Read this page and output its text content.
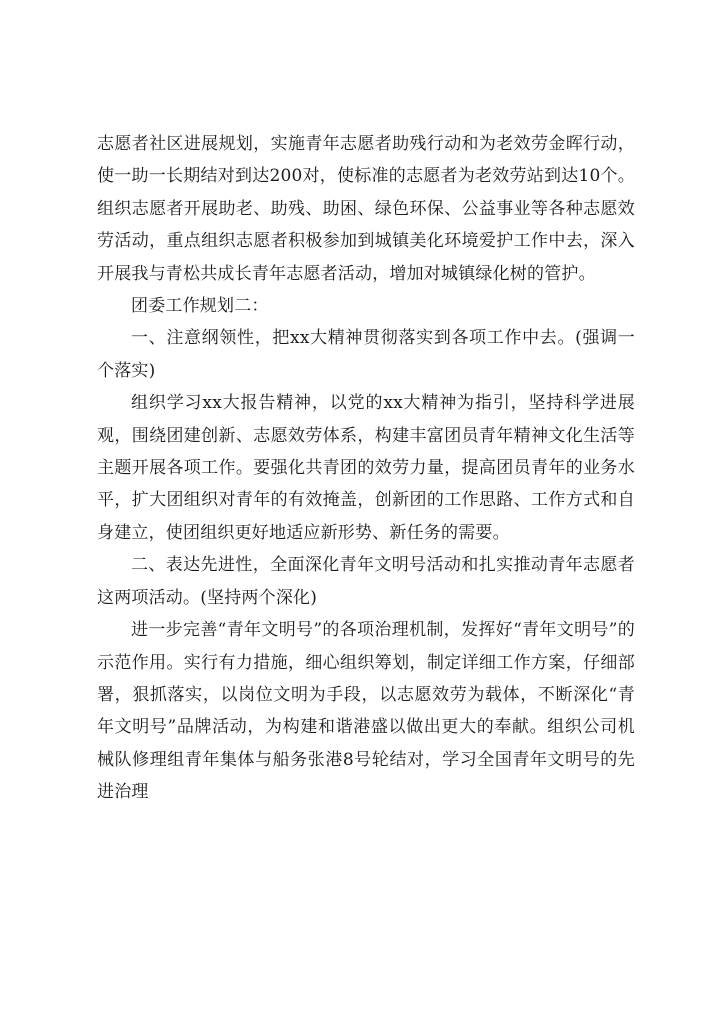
志愿者社区进展规划，实施青年志愿者助残行动和为老效劳金晖行动，使一助一长期结对到达200对，使标准的志愿者为老效劳站到达10个。组织志愿者开展助老、助残、助困、绿色环保、公益事业等各种志愿效劳活动，重点组织志愿者积极参加到城镇美化环境爱护工作中去，深入开展我与青松共成长青年志愿者活动，增加对城镇绿化树的管护。

团委工作规划二：

一、注意纲领性，把xx大精神贯彻落实到各项工作中去。(强调一个落实)

组织学习xx大报告精神，以党的xx大精神为指引，坚持科学进展观，围绕团建创新、志愿效劳体系，构建丰富团员青年精神文化生活等主题开展各项工作。要强化共青团的效劳力量，提高团员青年的业务水平，扩大团组织对青年的有效掩盖，创新团的工作思路、工作方式和自身建立，使团组织更好地适应新形势、新任务的需要。

二、表达先进性，全面深化青年文明号活动和扎实推动青年志愿者这两项活动。(坚持两个深化)

进一步完善“青年文明号”的各项治理机制，发挥好“青年文明号”的示范作用。实行有力措施，细心组织筹划，制定详细工作方案，仔细部署，狠抓落实，以岗位文明为手段，以志愿效劳为载体，不断深化“青年文明号”品牌活动，为构建和谐港盛以做出更大的奉献。组织公司机械队修理组青年集体与船务张港8号轮结对，学习全国青年文明号的先进治理
